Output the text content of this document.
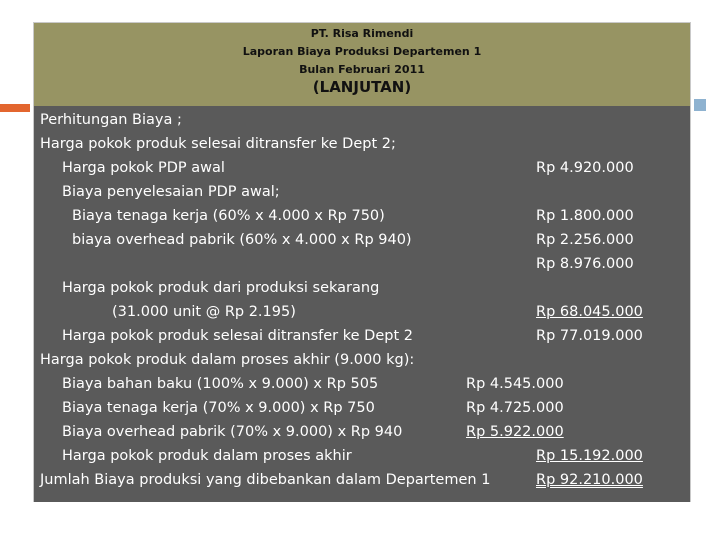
PT. Risa Rimendi
Laporan Biaya Produksi Departemen 1
Bulan Februari 2011
(LANJUTAN)
Perhitungan Biaya ;
Harga pokok produk selesai ditransfer ke Dept 2;
Harga pokok PDP awal	Rp 4.920.000
Biaya penyelesaian PDP awal;
Biaya tenaga kerja (60% x 4.000 x Rp 750)	Rp 1.800.000
biaya overhead pabrik (60% x 4.000 x Rp 940)	Rp 2.256.000
Rp 8.976.000
Harga pokok produk dari produksi sekarang
(31.000 unit @ Rp 2.195)	Rp 68.045.000
Harga pokok produk selesai ditransfer ke Dept 2	Rp 77.019.000
Harga pokok produk dalam proses akhir (9.000 kg):
Biaya bahan baku (100% x 9.000) x Rp 505	Rp 4.545.000
Biaya tenaga kerja (70% x 9.000) x Rp 750	Rp 4.725.000
Biaya overhead pabrik (70% x 9.000) x Rp 940	Rp 5.922.000
Harga pokok produk dalam proses akhir	Rp 15.192.000
Jumlah Biaya produksi yang dibebankan dalam Departemen 1	Rp 92.210.000
